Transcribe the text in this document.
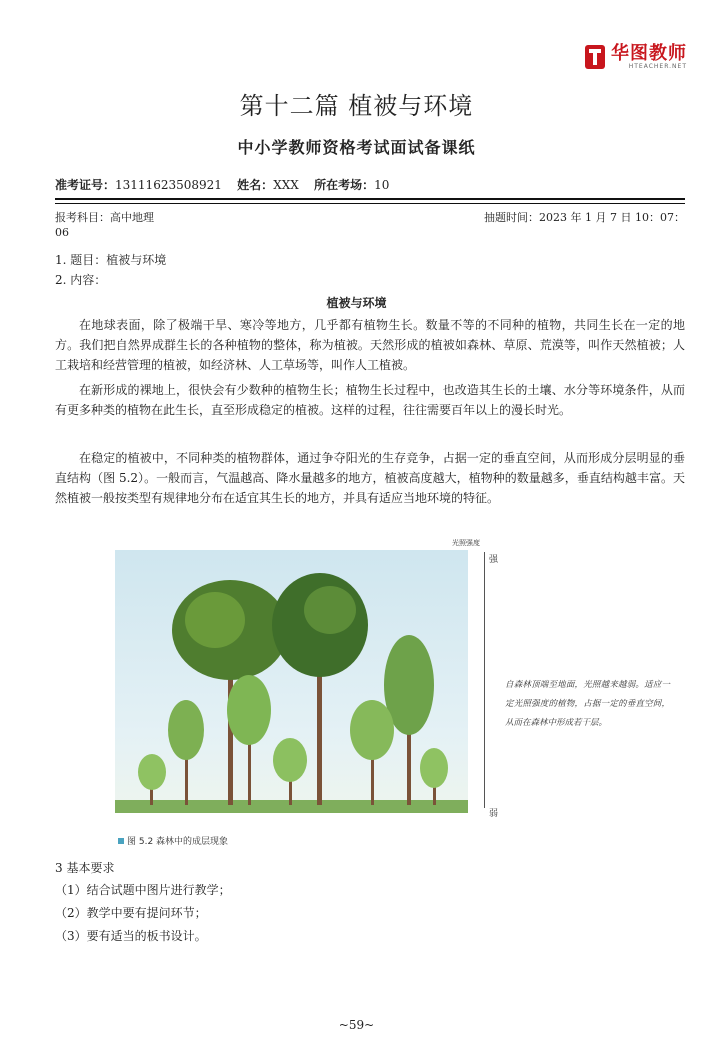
华图教师
HTEACHER.NET
第十二篇 植被与环境
中小学教师资格考试面试备课纸
准考证号：13111623508921 姓名：XXX 所在考场：10
报考科目：高中地理	抽题时间：2023 年 1 月 7 日 10：07：
06
1. 题目：植被与环境
2. 内容：
植被与环境
在地球表面，除了极端干旱、寒冷等地方，几乎都有植物生长。数量不等的不同种的植物，共同生长在一定的地方。我们把自然界成群生长的各种植物的整体，称为植被。天然形成的植被如森林、草原、荒漠等，叫作天然植被；人工栽培和经营管理的植被，如经济林、人工草场等，叫作人工植被。
在新形成的裸地上，很快会有少数种的植物生长；植物生长过程中，也改造其生长的土壤、水分等环境条件，从而有更多种类的植物在此生长，直至形成稳定的植被。这样的过程，往往需要百年以上的漫长时光。
在稳定的植被中，不同种类的植物群体，通过争夺阳光的生存竞争，占据一定的垂直空间，从而形成分层明显的垂直结构（图 5.2）。一般而言，气温越高、降水量越多的地方，植被高度越大，植物种的数量越多，垂直结构越丰富。天然植被一般按类型有规律地分布在适宜其生长的地方，并具有适应当地环境的特征。
光照强度
强
弱
自森林顶端至地面，光照越来越弱。适应一定光照强度的植物，占据一定的垂直空间，从而在森林中形成若干层。
图 5.2 森林中的成层现象
3 基本要求
（1）结合试题中图片进行教学；
（2）教学中要有提问环节；
（3）要有适当的板书设计。
~59~
